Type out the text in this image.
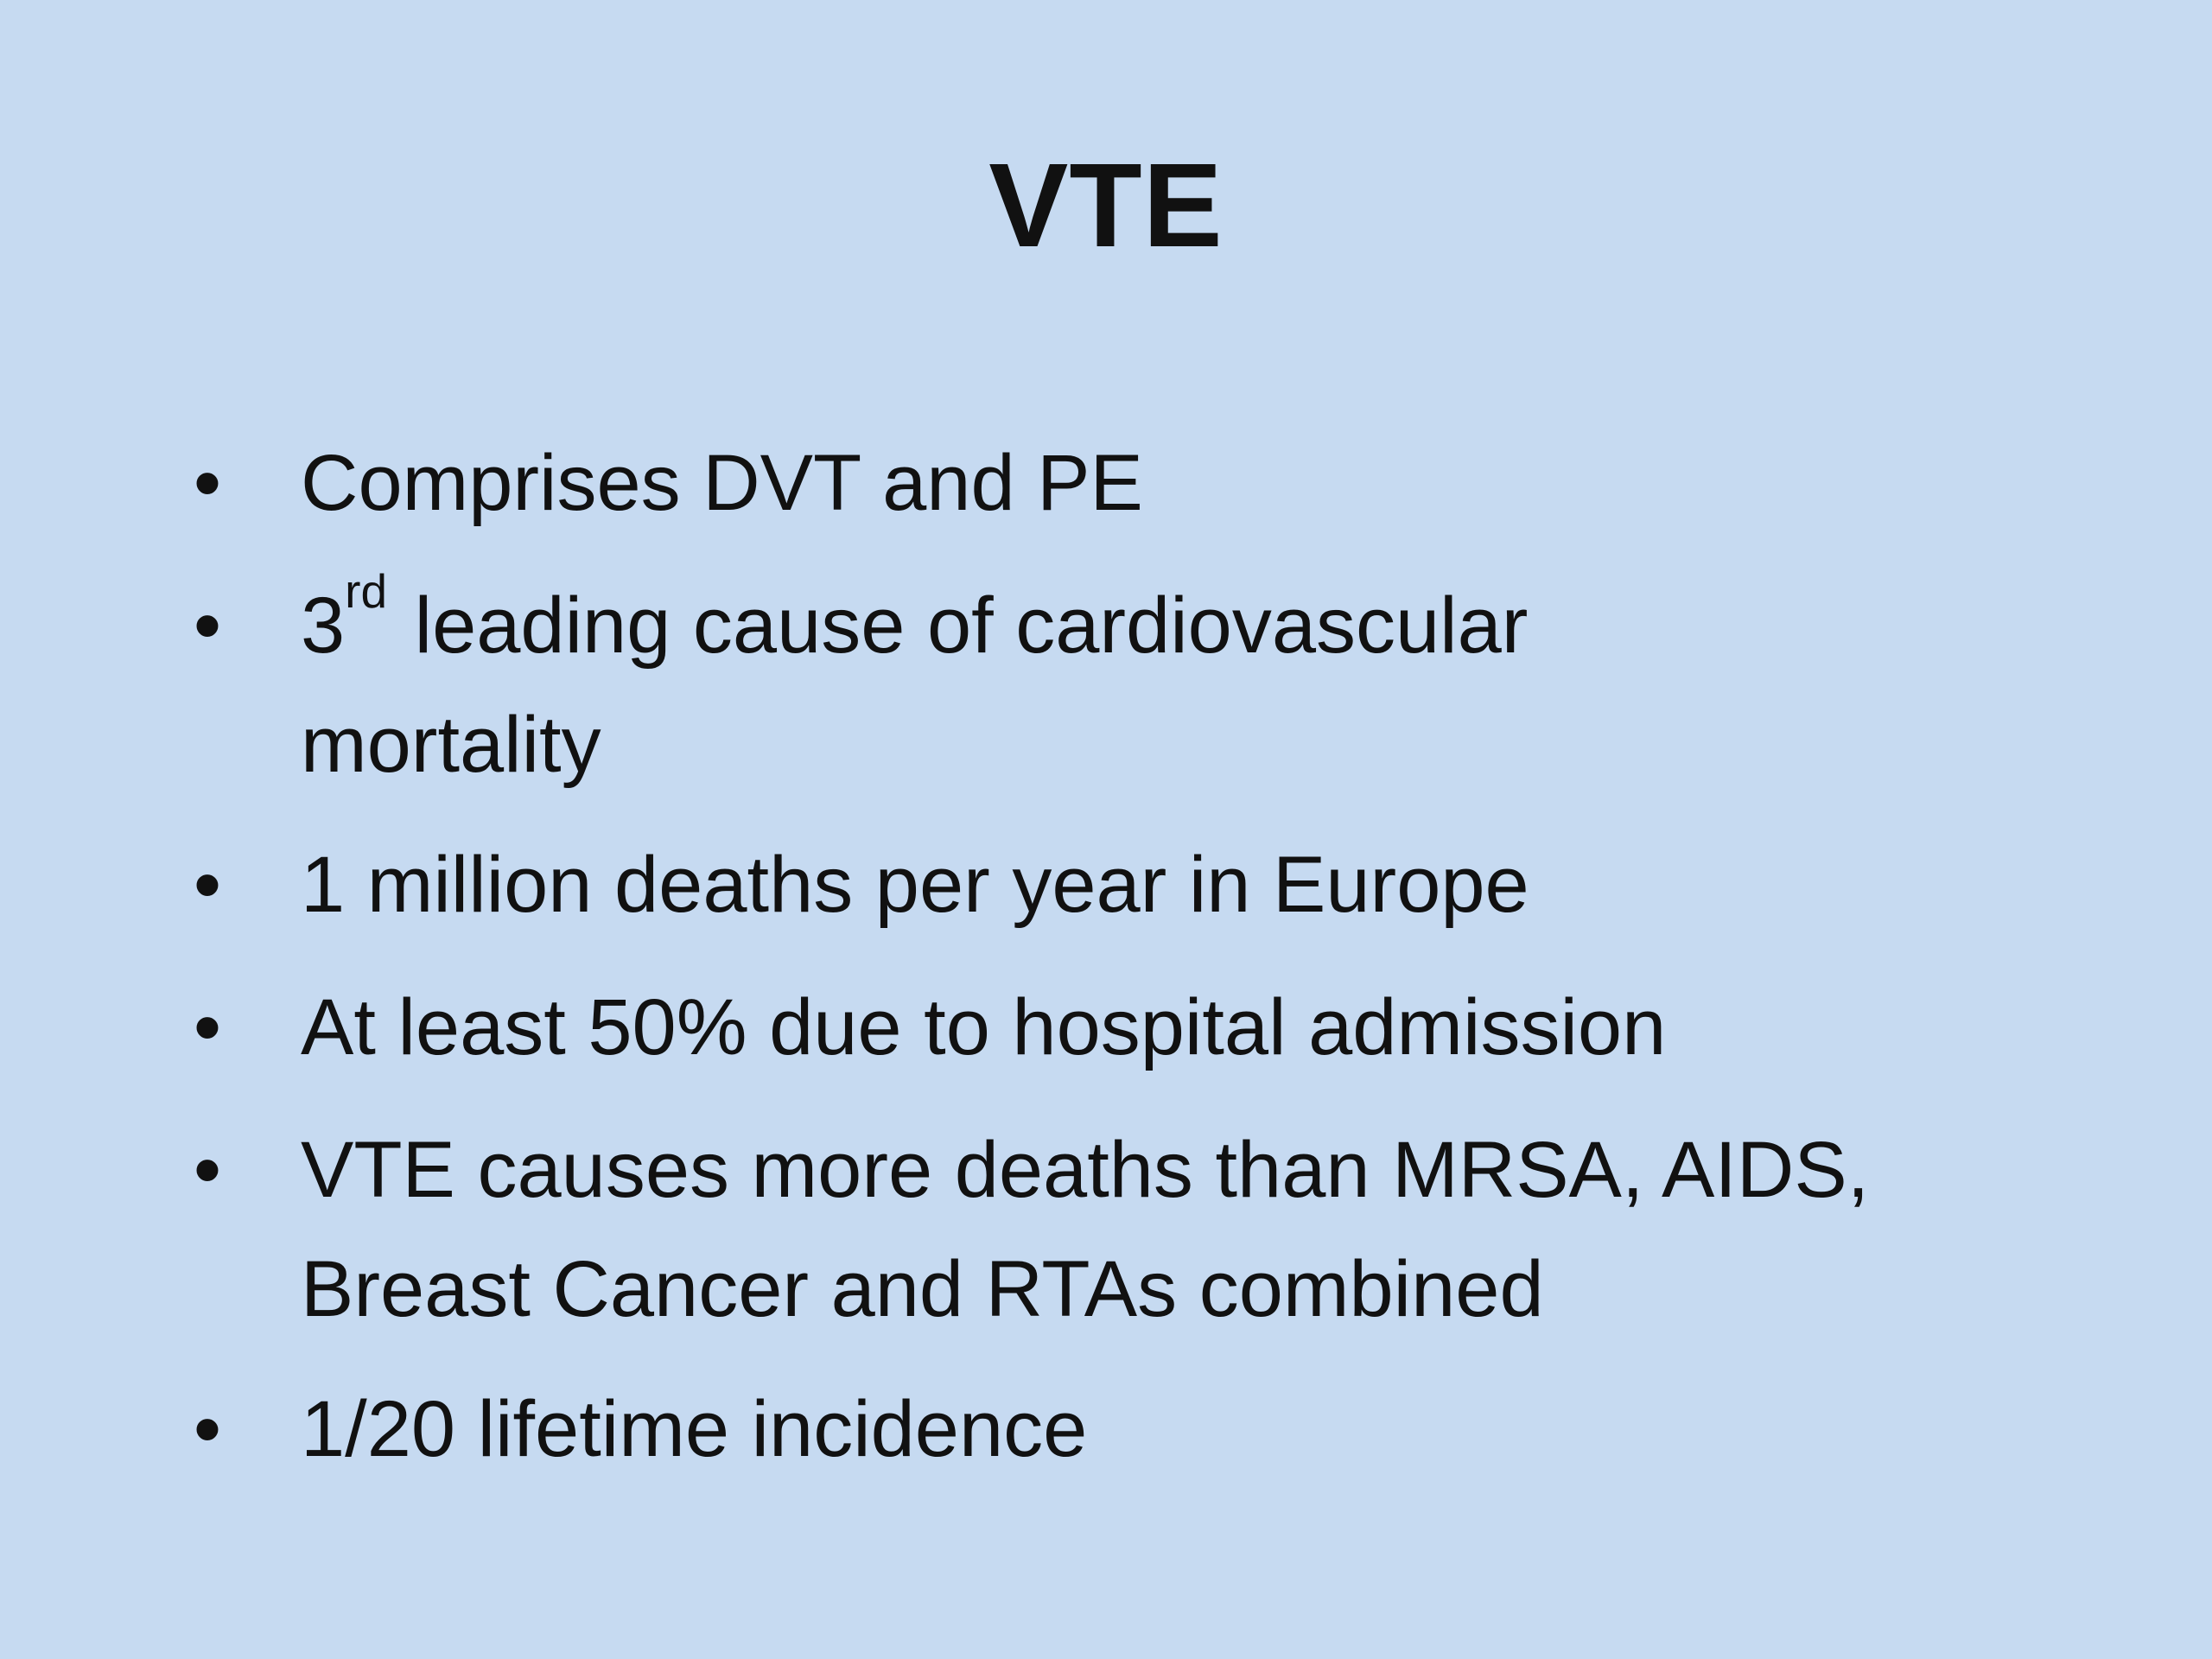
VTE
• Comprises DVT and PE
• 3rd leading cause of cardiovascular
mortality
• 1 million deaths per year in Europe
• At least 50% due to hospital admission
• VTE causes more deaths than MRSA, AIDS,
Breast Cancer and RTAs combined
• 1/20 lifetime incidence
